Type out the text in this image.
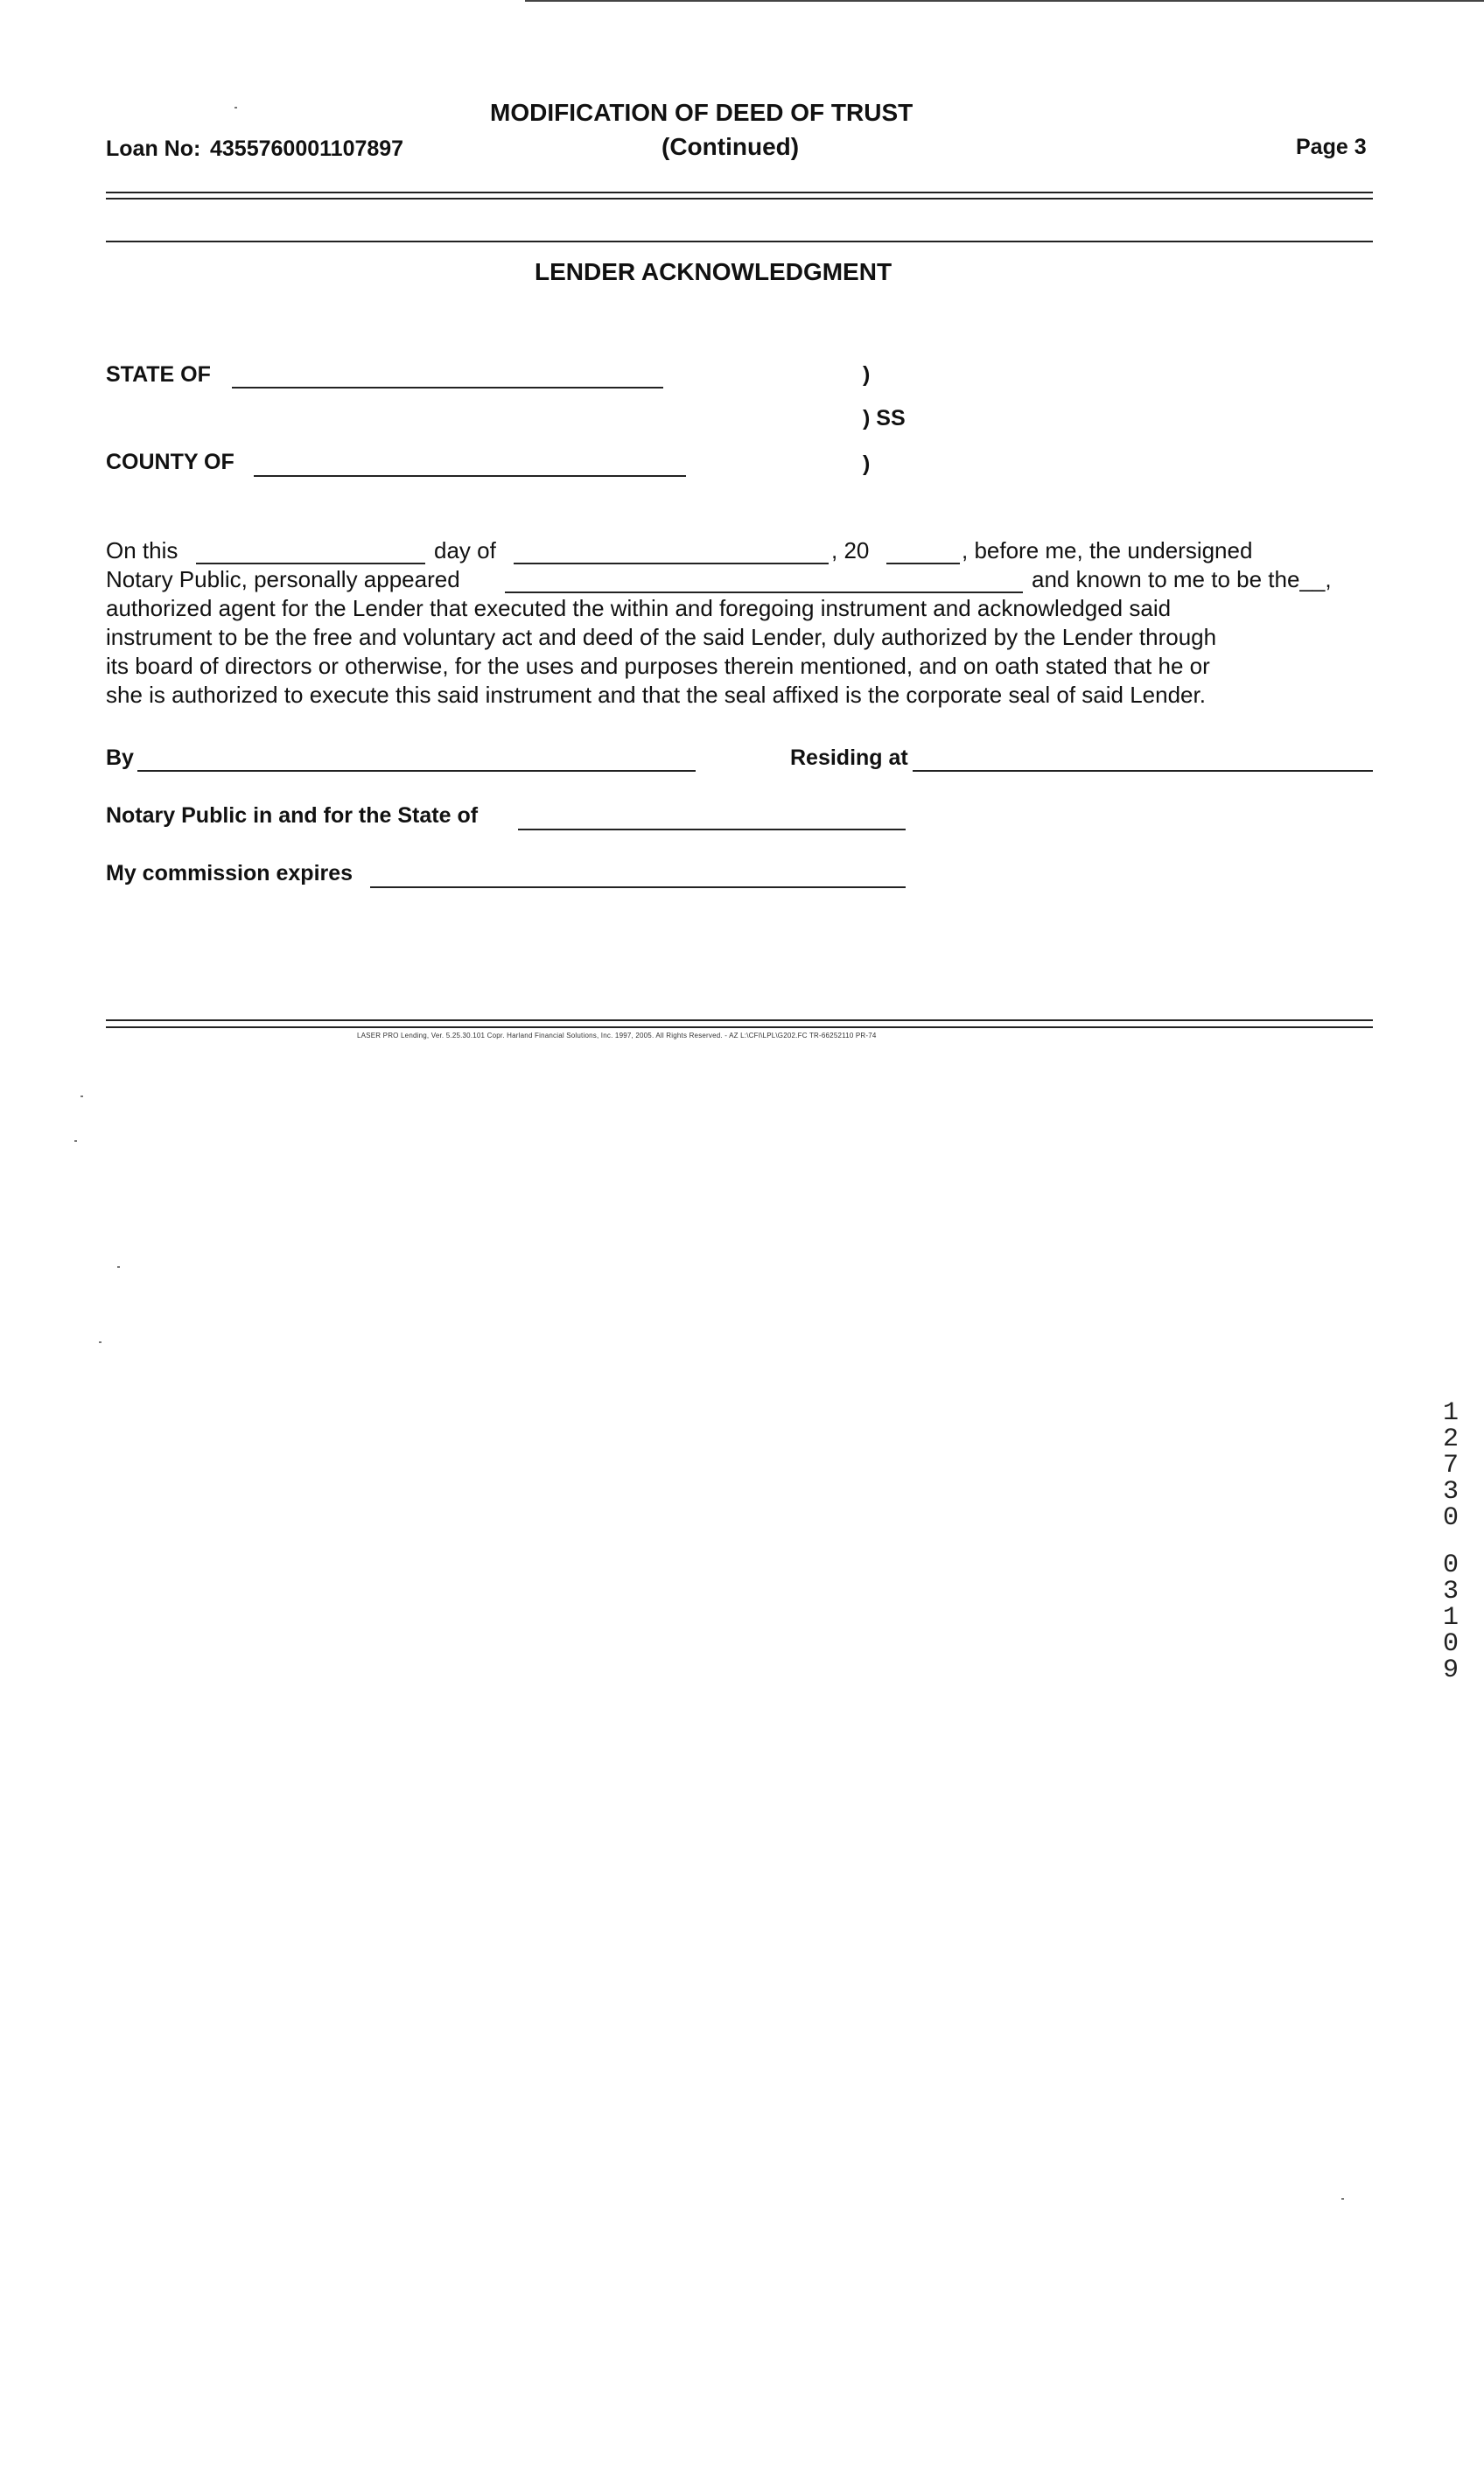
Loan No: 4355760001107897
MODIFICATION OF DEED OF TRUST
(Continued)	Page 3
LENDER ACKNOWLEDGMENT
STATE OF	)
) SS
COUNTY OF	)
On this	day of	, 20	, before me, the undersigned
Notary Public, personally appeared	and known to me to be the__,
authorized agent for the Lender that executed the within and foregoing instrument and acknowledged said
instrument to be the free and voluntary act and deed of the said Lender, duly authorized by the Lender through
its board of directors or otherwise, for the uses and purposes therein mentioned, and on oath stated that he or
she is authorized to execute this said instrument and that the seal affixed is the corporate seal of said Lender.
By	Residing at
Notary Public in and for the State of
My commission expires
LASER PRO Lending, Ver. 5.25.30.101 Copr. Harland Financial Solutions, Inc. 1997, 2005. All Rights Reserved. - AZ L:\CFI\LPL\G202.FC TR-66252110 PR-74
12730
03109
